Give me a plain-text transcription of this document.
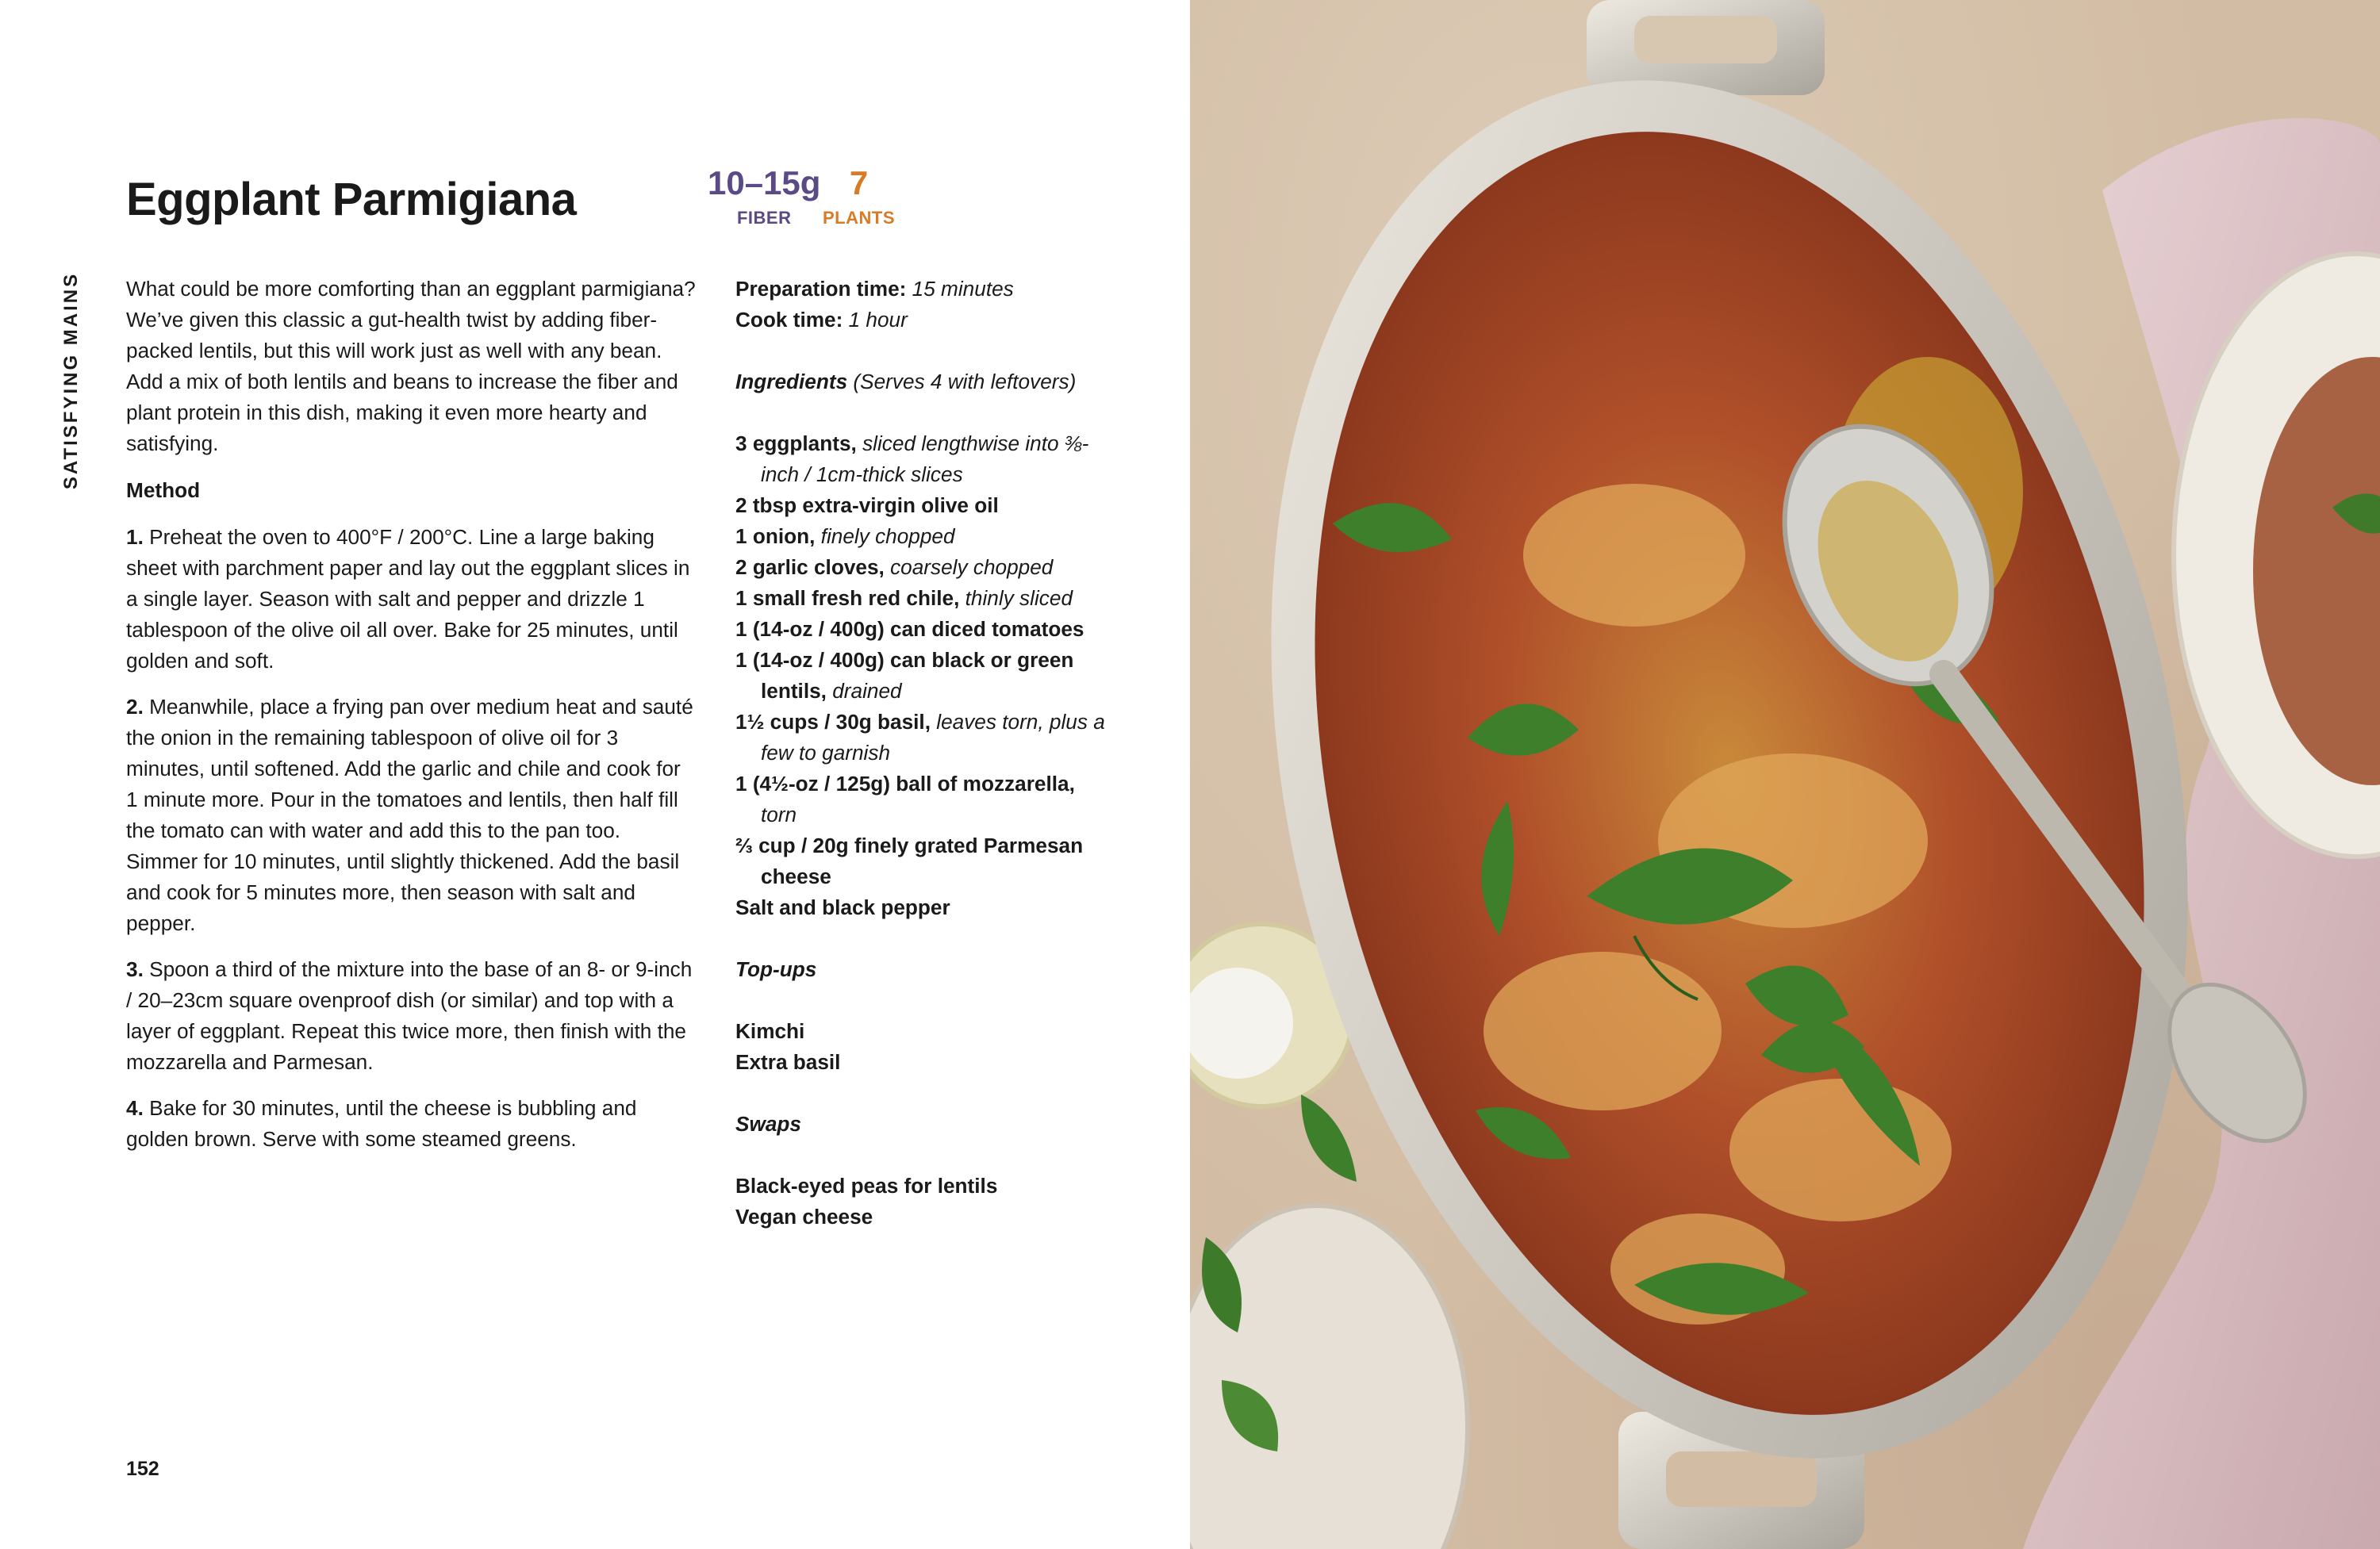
SATISFYING MAINS
Eggplant Parmigiana	10–15g
FIBER
7
PLANTS

What could be more comforting than an eggplant parmigiana? We’ve given this classic a gut-health twist by adding fiber-packed lentils, but this will work just as well with any bean. Add a mix of both lentils and beans to increase the fiber and plant protein in this dish, making it even more hearty and satisfying.

Method

1. Preheat the oven to 400°F / 200°C. Line a large baking sheet with parchment paper and lay out the eggplant slices in a single layer. Season with salt and pepper and drizzle 1 tablespoon of the olive oil all over. Bake for 25 minutes, until golden and soft.

2. Meanwhile, place a frying pan over medium heat and sauté the onion in the remaining tablespoon of olive oil for 3 minutes, until softened. Add the garlic and chile and cook for 1 minute more. Pour in the tomatoes and lentils, then half fill the tomato can with water and add this to the pan too. Simmer for 10 minutes, until slightly thickened. Add the basil and cook for 5 minutes more, then season with salt and pepper.

3. Spoon a third of the mixture into the base of an 8- or 9-inch / 20–23cm square ovenproof dish (or similar) and top with a layer of eggplant. Repeat this twice more, then finish with the mozzarella and Parmesan.

4. Bake for 30 minutes, until the cheese is bubbling and golden brown. Serve with some steamed greens.

Preparation time: 15 minutes

Cook time: 1 hour

Ingredients (Serves 4 with leftovers)

3 eggplants, sliced lengthwise into ⅜-inch / 1cm-thick slices

2 tbsp extra-virgin olive oil

1 onion, finely chopped

2 garlic cloves, coarsely chopped

1 small fresh red chile, thinly sliced

1 (14-oz / 400g) can diced tomatoes

1 (14-oz / 400g) can black or green lentils, drained

1½ cups / 30g basil, leaves torn, plus a few to garnish

1 (4½-oz / 125g) ball of mozzarella, torn

⅔ cup / 20g finely grated Parmesan cheese

Salt and black pepper

Top-ups

Kimchi

Extra basil

Swaps

Black-eyed peas for lentils

Vegan cheese

152
